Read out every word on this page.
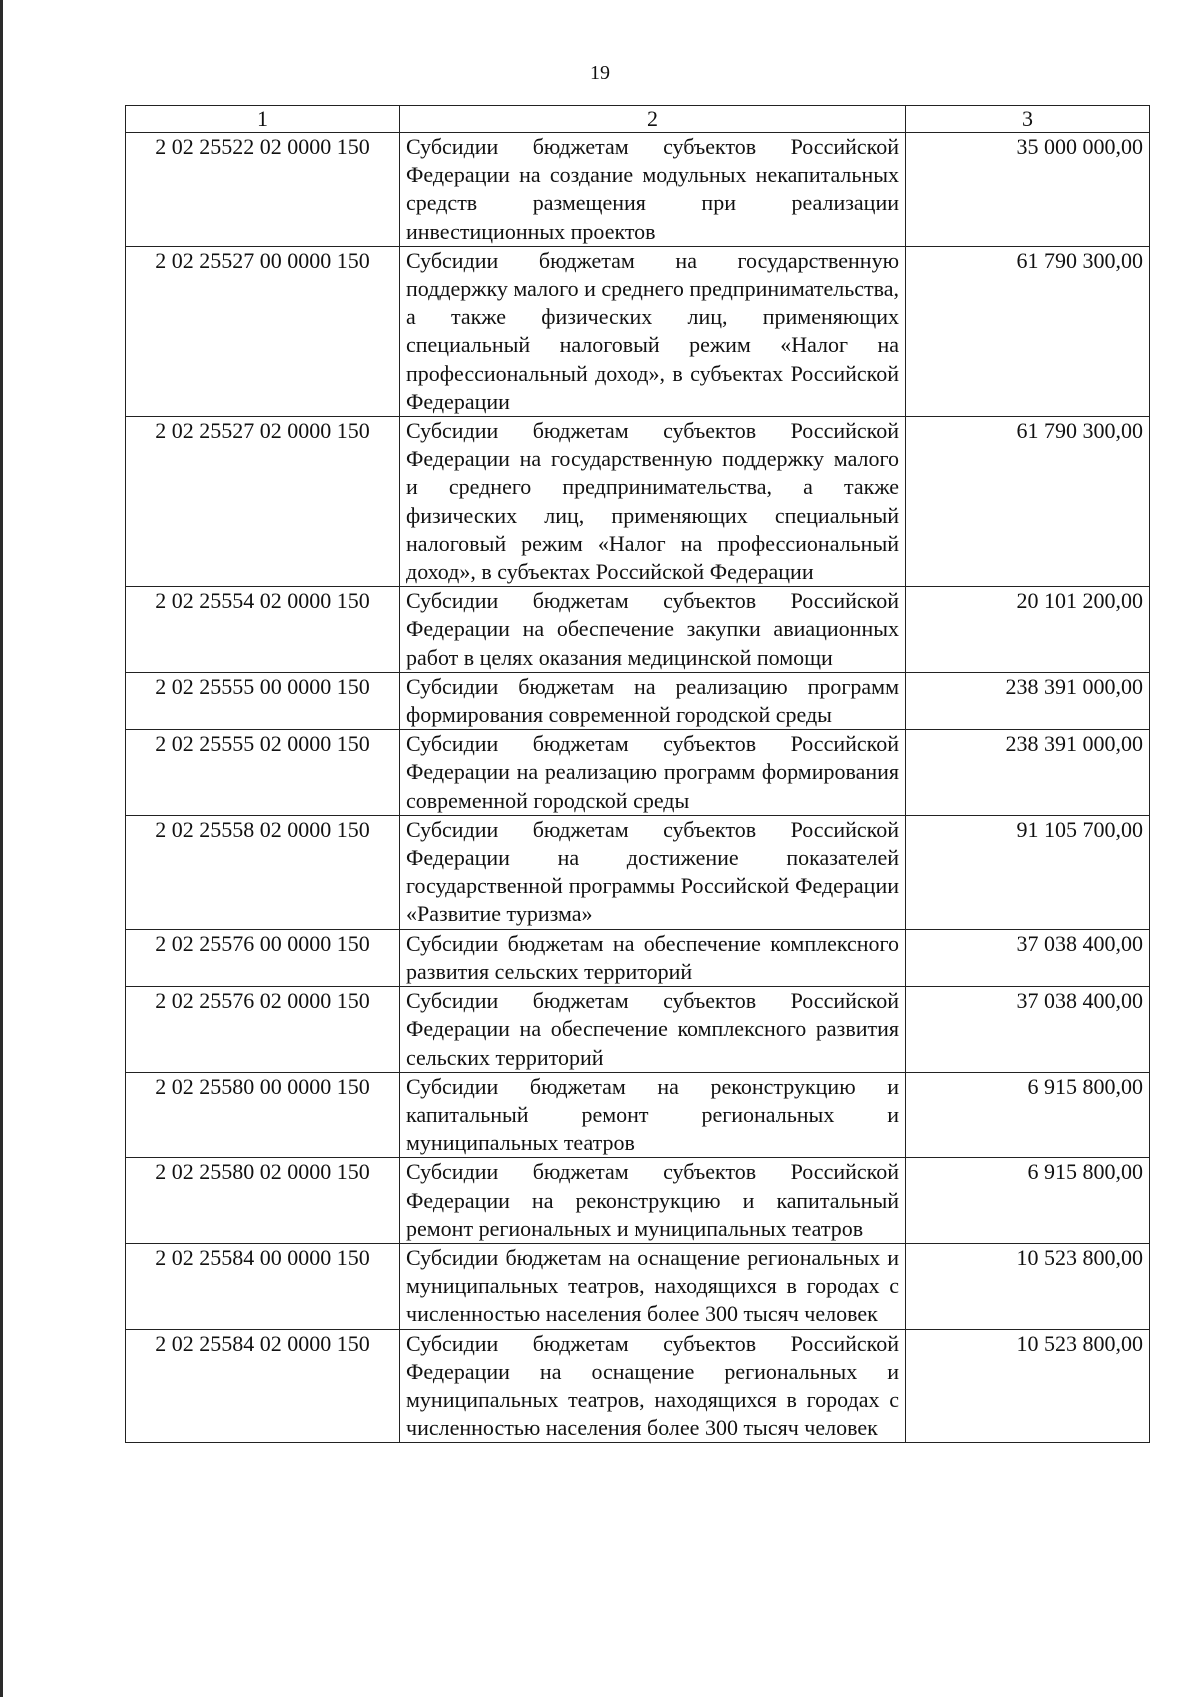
19
1	2	3
2 02 25522 02 0000 150	Субсидии бюджетам субъектов Российской Федерации на создание модульных некапитальных средств размещения при реализации инвестиционных проектов	35 000 000,00
2 02 25527 00 0000 150	Субсидии бюджетам на государственную поддержку малого и среднего предпринимательства, а также физических лиц, применяющих специальный налоговый режим «Налог на профессиональный доход», в субъектах Российской Федерации	61 790 300,00
2 02 25527 02 0000 150	Субсидии бюджетам субъектов Российской Федерации на государственную поддержку малого и среднего предпринимательства, а также физических лиц, применяющих специальный налоговый режим «Налог на профессиональный доход», в субъектах Российской Федерации	61 790 300,00
2 02 25554 02 0000 150	Субсидии бюджетам субъектов Российской Федерации на обеспечение закупки авиационных работ в целях оказания медицинской помощи	20 101 200,00
2 02 25555 00 0000 150	Субсидии бюджетам на реализацию программ формирования современной городской среды	238 391 000,00
2 02 25555 02 0000 150	Субсидии бюджетам субъектов Российской Федерации на реализацию программ формирования современной городской среды	238 391 000,00
2 02 25558 02 0000 150	Субсидии бюджетам субъектов Российской Федерации на достижение показателей государственной программы Российской Федерации «Развитие туризма»	91 105 700,00
2 02 25576 00 0000 150	Субсидии бюджетам на обеспечение комплексного развития сельских территорий	37 038 400,00
2 02 25576 02 0000 150	Субсидии бюджетам субъектов Российской Федерации на обеспечение комплексного развития сельских территорий	37 038 400,00
2 02 25580 00 0000 150	Субсидии бюджетам на реконструкцию и капитальный ремонт региональных и муниципальных театров	6 915 800,00
2 02 25580 02 0000 150	Субсидии бюджетам субъектов Российской Федерации на реконструкцию и капитальный ремонт региональных и муниципальных театров	6 915 800,00
2 02 25584 00 0000 150	Субсидии бюджетам на оснащение региональных и муниципальных театров, находящихся в городах с численностью населения более 300 тысяч человек	10 523 800,00
2 02 25584 02 0000 150	Субсидии бюджетам субъектов Российской Федерации на оснащение региональных и муниципальных театров, находящихся в городах с численностью населения более 300 тысяч человек	10 523 800,00
